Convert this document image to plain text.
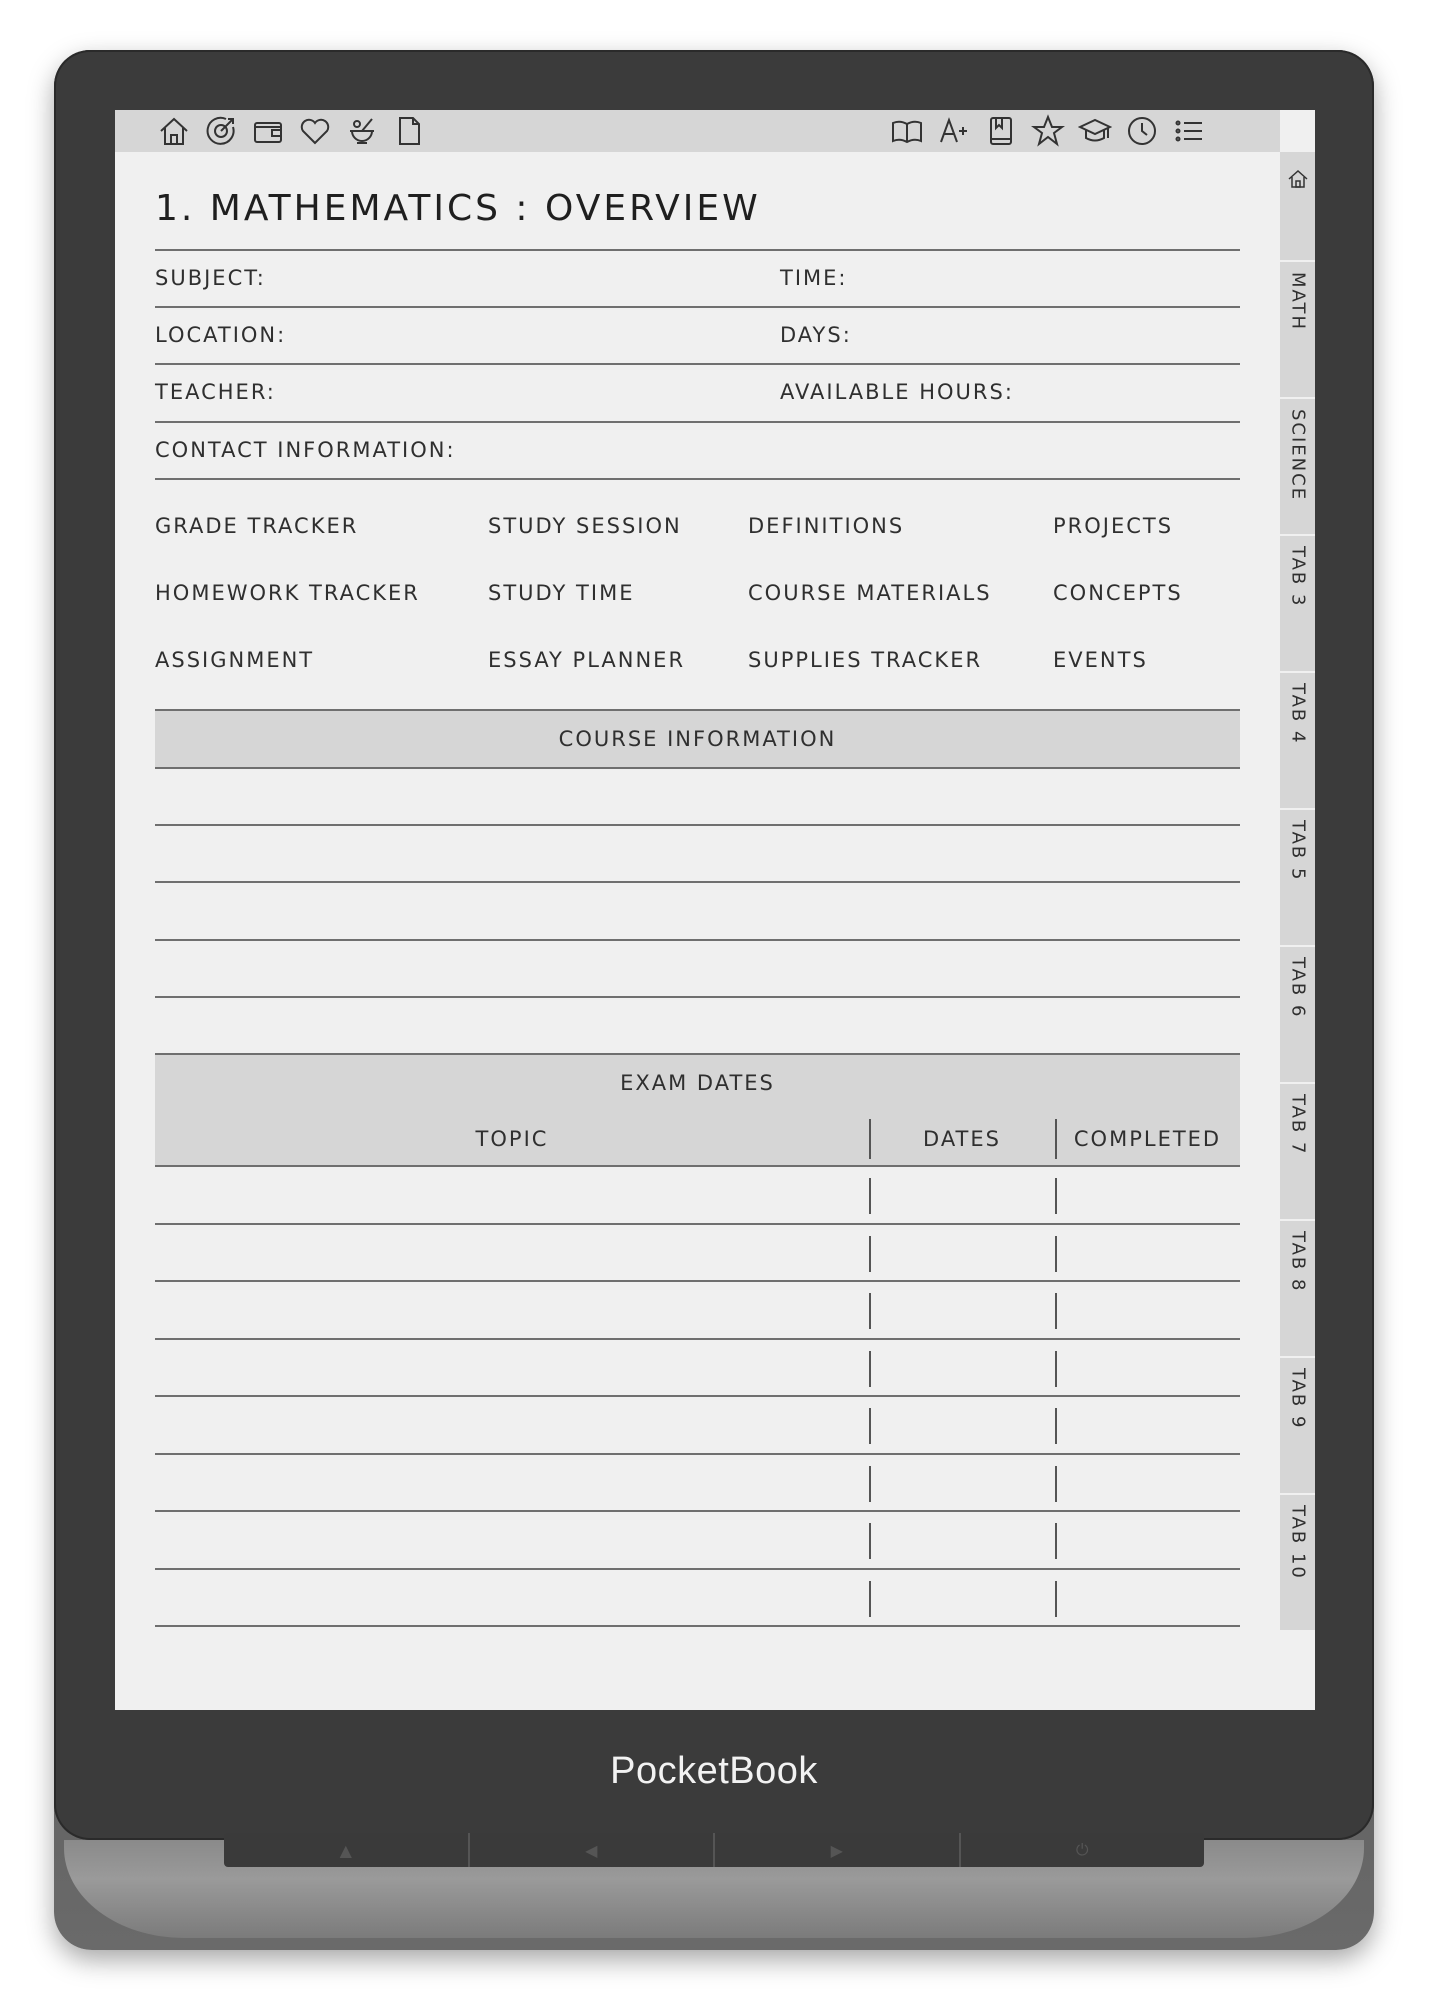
PocketBook
▲	◀	▶	⏻
1. MATHEMATICS : OVERVIEW
SUBJECT:	TIME:
LOCATION:	DAYS:
TEACHER:	AVAILABLE HOURS:
CONTACT INFORMATION:
GRADE TRACKER	STUDY SESSION	DEFINITIONS	PROJECTS
HOMEWORK TRACKER	STUDY TIME	COURSE MATERIALS	CONCEPTS
ASSIGNMENT	ESSAY PLANNER	SUPPLIES TRACKER	EVENTS
COURSE INFORMATION
EXAM DATES
TOPIC	DATES	COMPLETED
MATH
SCIENCE
TAB 3
TAB 4
TAB 5
TAB 6
TAB 7
TAB 8
TAB 9
TAB 10
